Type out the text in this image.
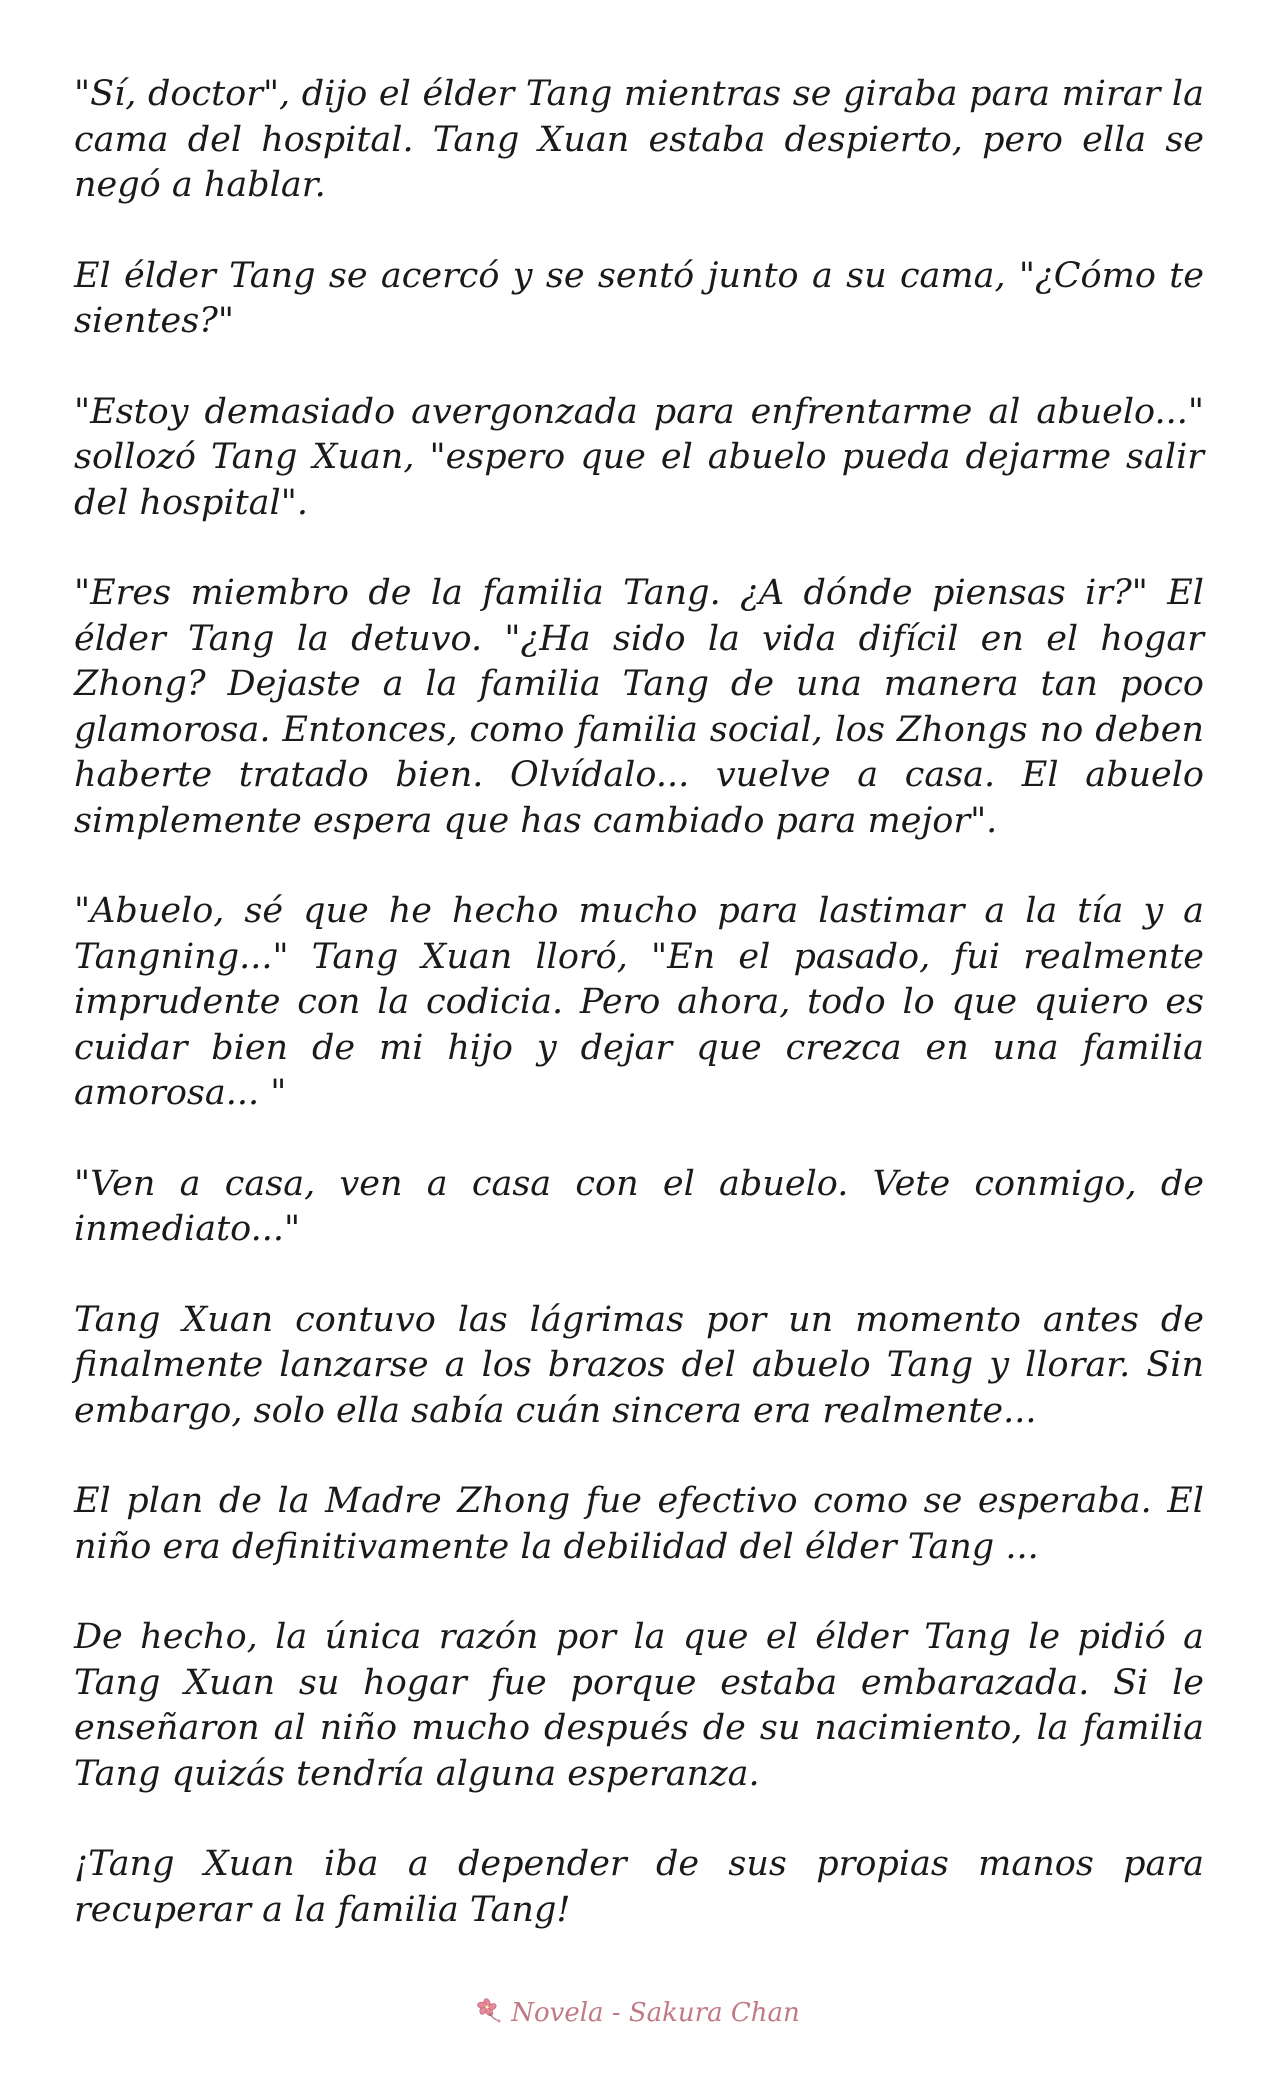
"Sí, doctor", dijo el élder Tang mientras se giraba para mirar la cama del hospital. Tang Xuan estaba despierto, pero ella se negó a hablar.

El élder Tang se acercó y se sentó junto a su cama, "¿Cómo te sientes?"

"Estoy demasiado avergonzada para enfrentarme al abuelo..." sollozó Tang Xuan, "espero que el abuelo pueda dejarme salir del hospital".

"Eres miembro de la familia Tang. ¿A dónde piensas ir?" El élder Tang la detuvo. "¿Ha sido la vida difícil en el hogar Zhong? Dejaste a la familia Tang de una manera tan poco glamorosa. Entonces, como familia social, los Zhongs no deben haberte tratado bien. Olvídalo... vuelve a casa. El abuelo simplemente espera que has cambiado para mejor".

"Abuelo, sé que he hecho mucho para lastimar a la tía y a Tangning..." Tang Xuan lloró, "En el pasado, fui realmente imprudente con la codicia. Pero ahora, todo lo que quiero es cuidar bien de mi hijo y dejar que crezca en una familia amorosa... "

"Ven a casa, ven a casa con el abuelo. Vete conmigo, de inmediato..."

Tang Xuan contuvo las lágrimas por un momento antes de finalmente lanzarse a los brazos del abuelo Tang y llorar. Sin embargo, solo ella sabía cuán sincera era realmente...

El plan de la Madre Zhong fue efectivo como se esperaba. El niño era definitivamente la debilidad del élder Tang ...

De hecho, la única razón por la que el élder Tang le pidió a Tang Xuan su hogar fue porque estaba embarazada. Si le enseñaron al niño mucho después de su nacimiento, la familia Tang quizás tendría alguna esperanza.

¡Tang Xuan iba a depender de sus propias manos para recuperar a la familia Tang!

Novela - Sakura Chan
